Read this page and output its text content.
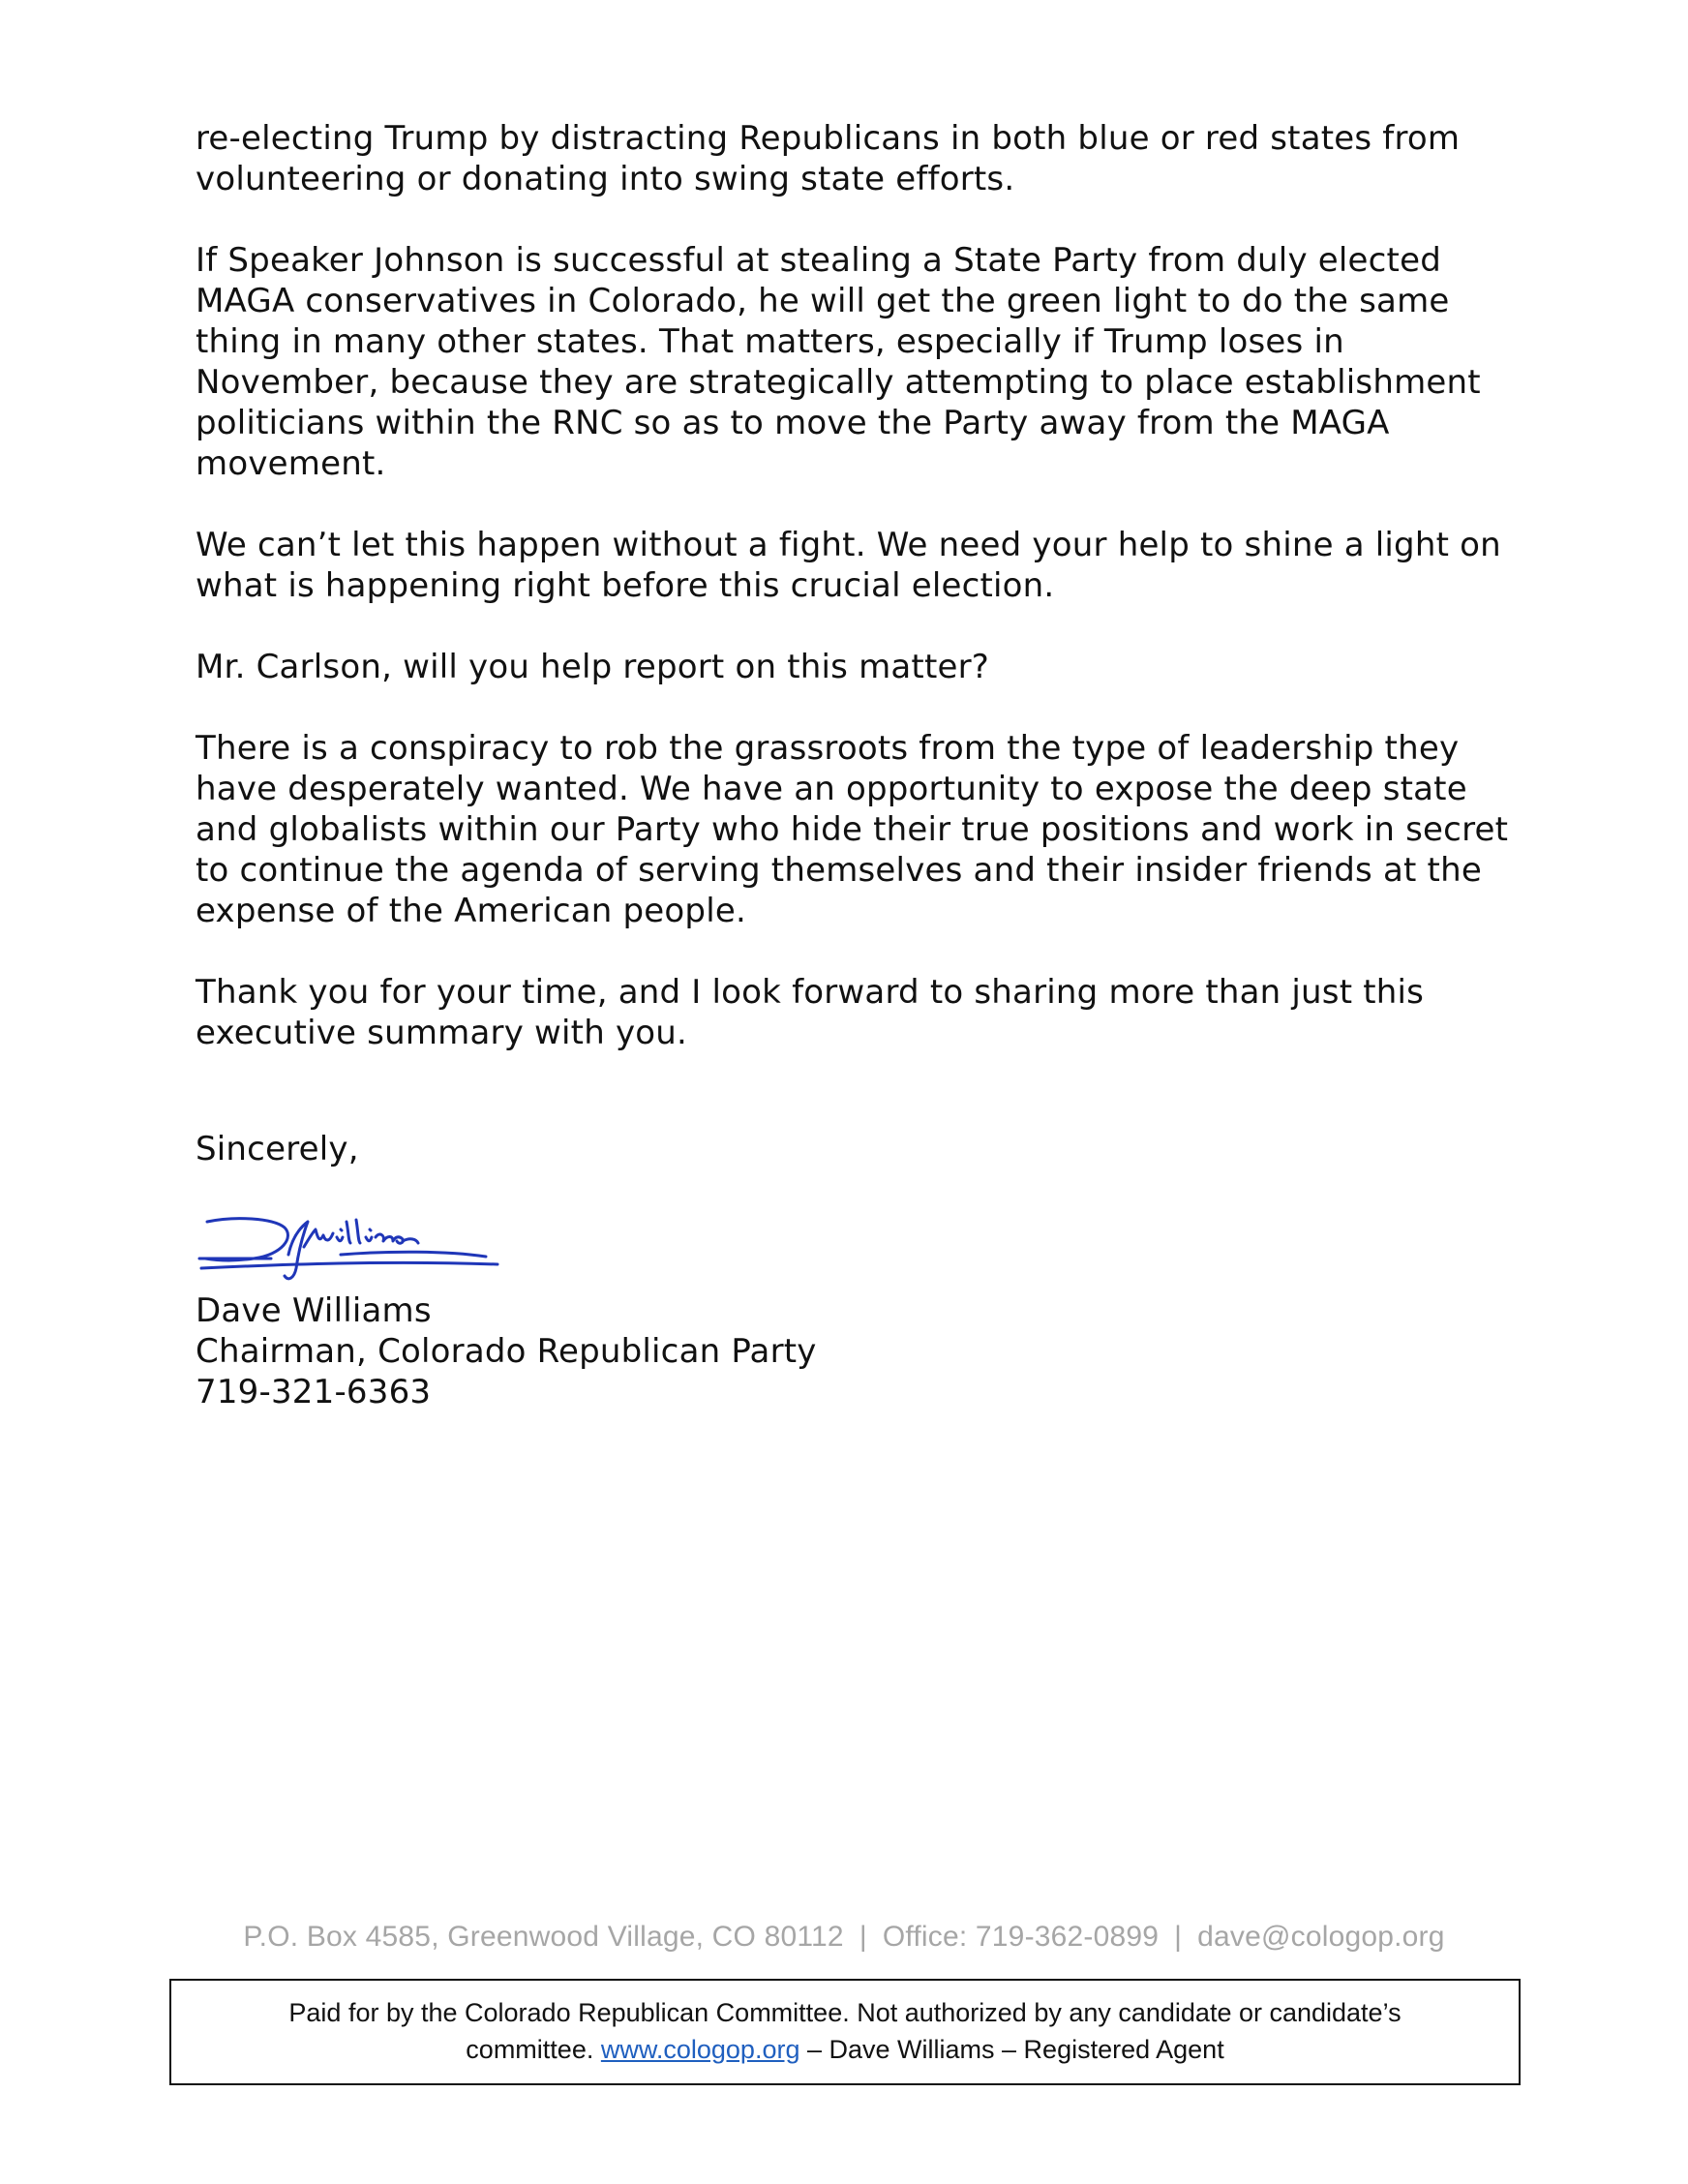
re-electing Trump by distracting Republicans in both blue or red states from volunteering or donating into swing state efforts.

If Speaker Johnson is successful at stealing a State Party from duly elected MAGA conservatives in Colorado, he will get the green light to do the same thing in many other states. That matters, especially if Trump loses in November, because they are strategically attempting to place establishment politicians within the RNC so as to move the Party away from the MAGA movement.

We can’t let this happen without a fight. We need your help to shine a light on what is happening right before this crucial election.

Mr. Carlson, will you help report on this matter?

There is a conspiracy to rob the grassroots from the type of leadership they have desperately wanted. We have an opportunity to expose the deep state and globalists within our Party who hide their true positions and work in secret to continue the agenda of serving themselves and their insider friends at the expense of the American people.

Thank you for your time, and I look forward to sharing more than just this executive summary with you.

Sincerely,

Dave Williams
Chairman, Colorado Republican Party
719-321-6363
P.O. Box 4585, Greenwood Village, CO 80112 | Office: 719-362-0899 | dave@cologop.org
Paid for by the Colorado Republican Committee. Not authorized by any candidate or candidate’s
committee. www.cologop.org – Dave Williams – Registered Agent
